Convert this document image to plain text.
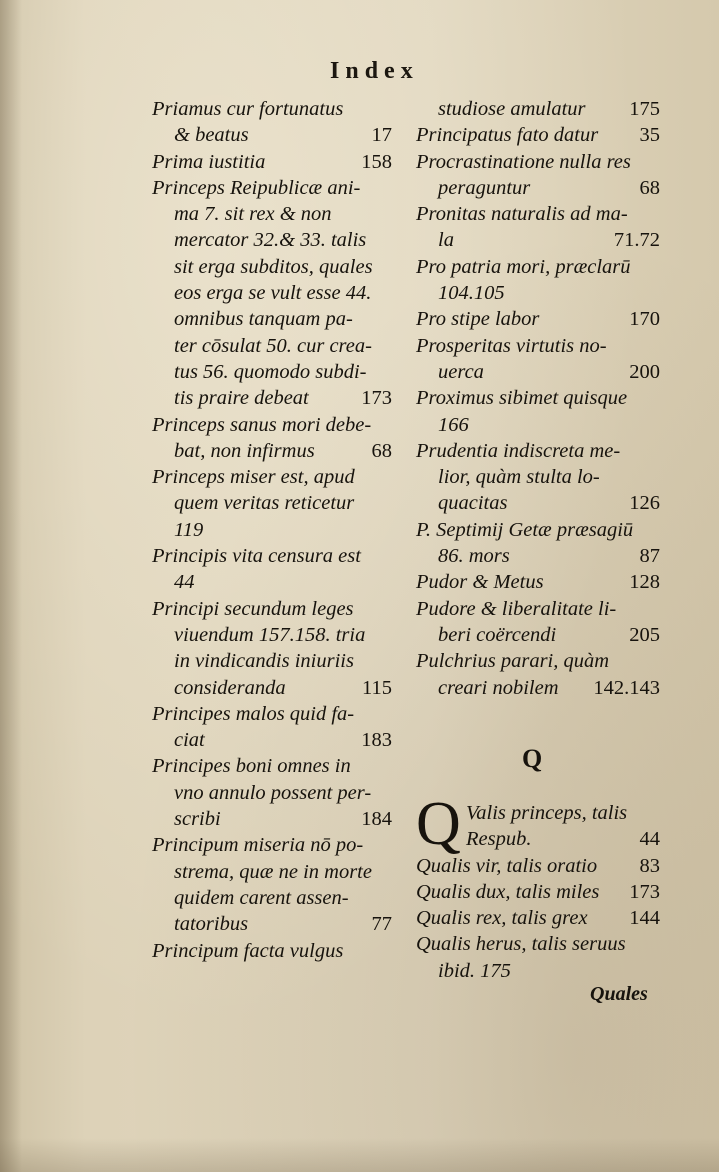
Index
Priamus cur fortunatus
& beatus	17
Prima iustitia	158
Princeps Reipublicæ ani-
ma 7. sit rex & non
mercator 32.& 33. talis
sit erga subditos, quales
eos erga se vult esse 44.
omnibus tanquam pa-
ter cōsulat 50. cur crea-
tus 56. quomodo subdi-
tis praire debeat	173
Princeps sanus mori debe-
bat, non infirmus	68
Princeps miser est, apud
quem veritas reticetur
119
Principis vita censura est
44
Principi secundum leges
viuendum 157.158. tria
in vindicandis iniuriis
consideranda	115
Principes malos quid fa-
ciat	183
Principes boni omnes in
vno annulo possent per-
scribi	184
Principum miseria nō po-
strema, quæ ne in morte
quidem carent assen-
tatoribus	77
Principum facta vulgus
studiose amulatur 175
Principatus fato datur 35
Procrastinatione nulla res
peraguntur	68
Pronitas naturalis ad ma-
la	71.72
Pro patria mori, præclarū
104.105
Pro stipe labor	170
Prosperitas virtutis no-
uerca	200
Proximus sibimet quisque
166
Prudentia indiscreta me-
lior, quàm stulta lo-
quacitas	126
P. Septimij Getæ præsagiū
86. mors	87
Pudor & Metus	128
Pudore & liberalitate li-
beri coërcendi	205
Pulchrius parari, quàm
creari nobilem 142.143
Q
Q Valis princeps, talis
Respub.	44
Qualis vir, talis oratio 83
Qualis dux, talis miles 173
Qualis rex, talis grex 144
Qualis herus, talis seruus
ibid. 175
Quales
